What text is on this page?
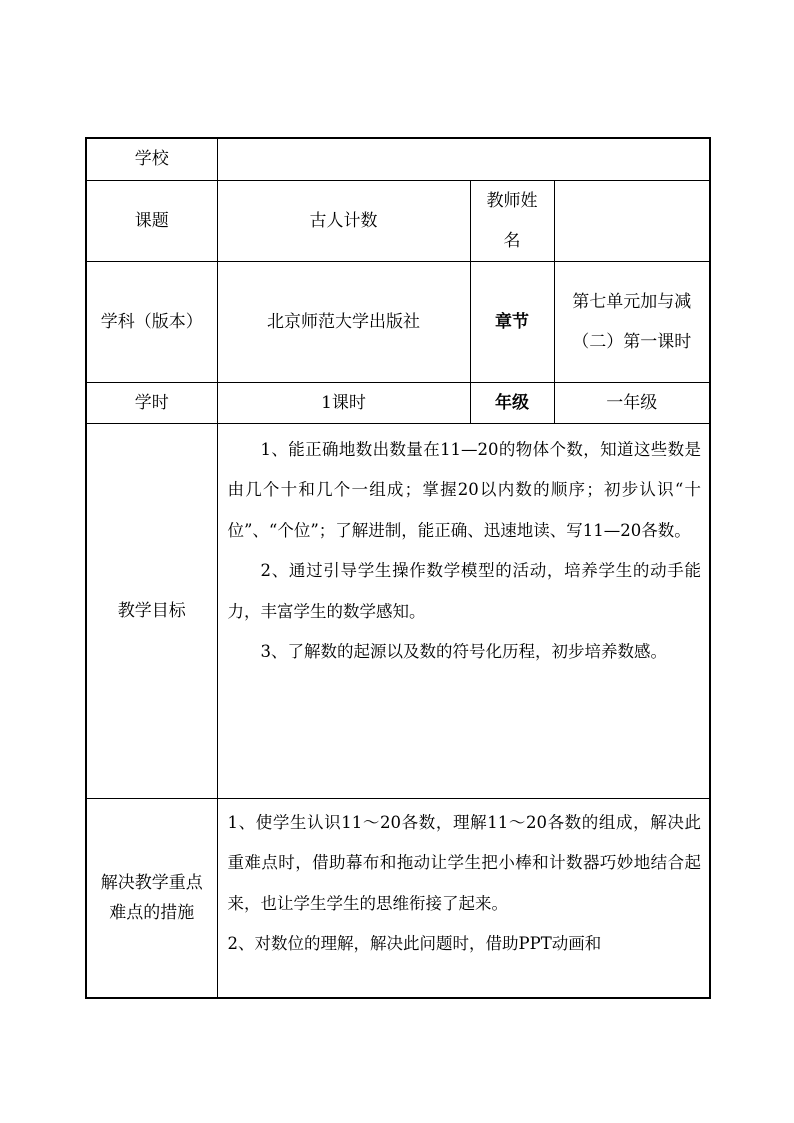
学校			
课题	古人计数	教师姓名	
学科（版本）	北京师范大学出版社	章节	第七单元加与减（二）第一课时
学时	1课时	年级	一年级
教学目标	1、能正确地数出数量在11—20的物体个数，知道这些数是由几个十和几个一组成；掌握20以内数的顺序；初步认识“十位”、“个位”；了解进制，能正确、迅速地读、写11—20各数。

2、通过引导学生操作数学模型的活动，培养学生的动手能力，丰富学生的数学感知。

3、了解数的起源以及数的符号化历程，初步培养数感。		

解决教学重点难点的措施	1、使学生认识11～20各数，理解11～20各数的组成，解决此重难点时，借助幕布和拖动让学生把小棒和计数器巧妙地结合起来，也让学生学生的思维衔接了起来。

2、对数位的理解，解决此问题时，借助PPT动画和		
